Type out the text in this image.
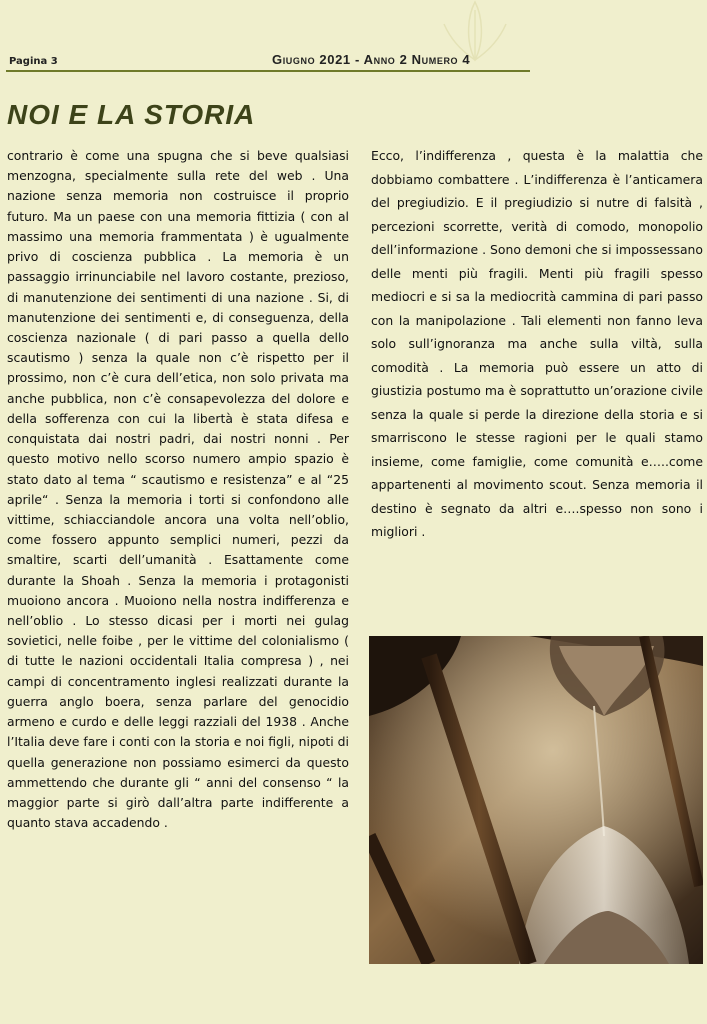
Pagina 3	Giugno 2021 - Anno 2 Numero 4
NOI E LA STORIA

contrario è come una spugna che si beve qualsiasi menzogna, specialmente sulla rete del web . Una nazione senza memoria non costruisce il proprio futuro. Ma un paese con una memoria fittizia ( con al massimo una memoria frammentata ) è ugualmente privo di coscienza pubblica . La memoria è un passaggio irrinunciabile nel lavoro costante, prezioso, di manutenzione dei sentimenti di una nazione . Si, di manutenzione dei sentimenti e, di conseguenza, della coscienza nazionale ( di pari passo a quella dello scautismo ) senza la quale non c’è rispetto per il prossimo, non c’è cura dell’etica, non solo privata ma anche pubblica, non c’è consapevolezza del dolore e della sofferenza con cui la libertà è stata difesa e conquistata dai nostri padri, dai nostri nonni . Per questo motivo nello scorso numero ampio spazio è stato dato al tema “ scautismo e resistenza” e al “25 aprile“ . Senza la memoria i torti si confondono alle vittime, schiacciandole ancora una volta nell’oblio, come fossero appunto semplici numeri, pezzi da smaltire, scarti dell’umanità . Esattamente come durante la Shoah . Senza la memoria i protagonisti muoiono ancora . Muoiono nella nostra indifferenza e nell’oblio . Lo stesso dicasi per i morti nei gulag sovietici, nelle foibe , per le vittime del colonialismo ( di tutte le nazioni occidentali Italia compresa ) , nei campi di concentramento inglesi realizzati durante la guerra anglo boera, senza parlare del genocidio armeno e curdo e delle leggi razziali del 1938 . Anche l’Italia deve fare i conti con la storia e noi figli, nipoti di quella generazione non possiamo esimerci da questo ammettendo che durante gli “ anni del consenso “ la maggior parte si girò dall’altra parte indifferente a quanto stava accadendo .

Ecco, l’indifferenza , questa è la malattia che dobbiamo combattere . L’indifferenza è l’anticamera del pregiudizio. E il pregiudizio si nutre di falsità , percezioni scorrette, verità di comodo, monopolio dell’informazione . Sono demoni che si impossessano delle menti più fragili. Menti più fragili spesso mediocri e si sa la mediocrità cammina di pari passo con la manipolazione . Tali elementi non fanno leva solo sull’ignoranza ma anche sulla viltà, sulla comodità . La memoria può essere un atto di giustizia postumo ma è soprattutto un’orazione civile senza la quale si perde la direzione della storia e si smarriscono le stesse ragioni per le quali stamo insieme, come famiglie, come comunità e…..come appartenenti al movimento scout. Senza memoria il destino è segnato da altri e….spesso non sono i migliori .
